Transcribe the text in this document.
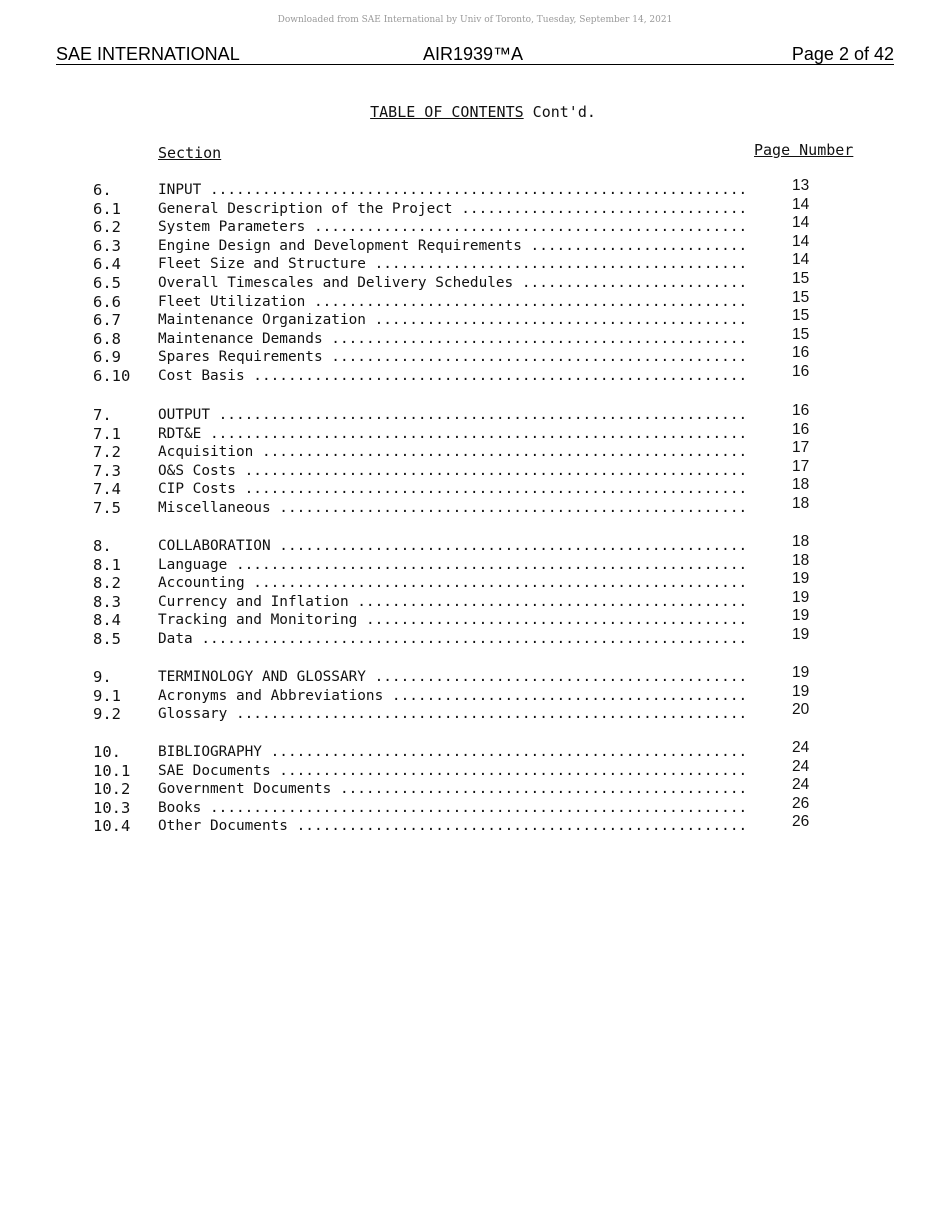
Downloaded from SAE International by Univ of Toronto, Tuesday, September 14, 2021
SAE INTERNATIONAL	AIR1939™A	Page 2 of 42
TABLE OF CONTENTS Cont'd.
Section	Page Number
6.	INPUT .....	13
6.1	General Description of the Project .....	14
6.2	System Parameters .....	14
6.3	Engine Design and Development Requirements .....	14
6.4	Fleet Size and Structure .....	14
6.5	Overall Timescales and Delivery Schedules .....	15
6.6	Fleet Utilization .....	15
6.7	Maintenance Organization .....	15
6.8	Maintenance Demands .....	15
6.9	Spares Requirements .....	16
6.10 Cost Basis .....	16
7.	OUTPUT .....	16
7.1	RDT&E .....	16
7.2	Acquisition .....	17
7.3	O&S Costs .....	17
7.4	CIP Costs .....	18
7.5	Miscellaneous .....	18
8.	COLLABORATION .....	18
8.1	Language .....	18
8.2	Accounting .....	19
8.3	Currency and Inflation .....	19
8.4	Tracking and Monitoring .....	19
8.5	Data .....	19
9.	TERMINOLOGY AND GLOSSARY .....	19
9.1	Acronyms and Abbreviations .....	19
9.2	Glossary .....	20
10.	BIBLIOGRAPHY .....	24
10.1 SAE Documents .....	24
10.2 Government Documents .....	24
10.3 Books .....	26
10.4 Other Documents .....	26
